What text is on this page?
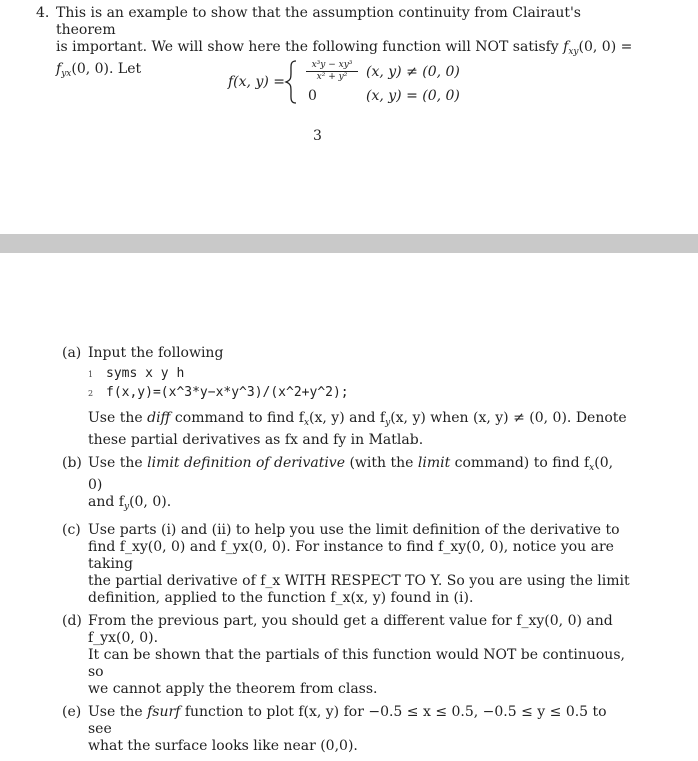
4. This is an example to show that the assumption continuity from Clairaut's theorem

is important. We will show here the following function will NOT satisfy $f_{xy}(0$, 0) =

$f_{yx}(0$, 0). Let

f(x, $y) = \frac{\text{x³y − xy³}}{\text{x² + y²}}$
0
(x, y) ≠ (0, 0)
(x, y) = (0, 0)
3
(a) Input the following
1 syms x y h
2 f(x,y)=(x^3*y−x*y^3)/(x^2+y^2);
Use the diff command to find $f_x(x$, y) and $f_y(x$, y) when (x, y) ≠ (0, 0). Denote
these partial derivatives as fx and fy in Matlab.
(b) Use the limit definition of derivative (with the limit command) to find $f_x(0$, 0)
and $f_y(0$, 0).
(c) Use parts (i) and (ii) to help you use the limit definition of the derivative to
find f_xy(0, 0) and f_yx(0, 0). For instance to find f_xy(0, 0), notice you are taking
the partial derivative of f_x WITH RESPECT TO Y. So you are using the limit
definition, applied to the function f_x(x, y) found in (i).
(d) From the previous part, you should get a different value for f_xy(0, 0) and f_yx(0, 0).
It can be shown that the partials of this function would NOT be continuous, so
we cannot apply the theorem from class.
(e) Use the fsurf function to plot f(x, y) for −0.5 ≤ x ≤ 0.5, −0.5 ≤ y ≤ 0.5 to see
what the surface looks like near (0,0).
